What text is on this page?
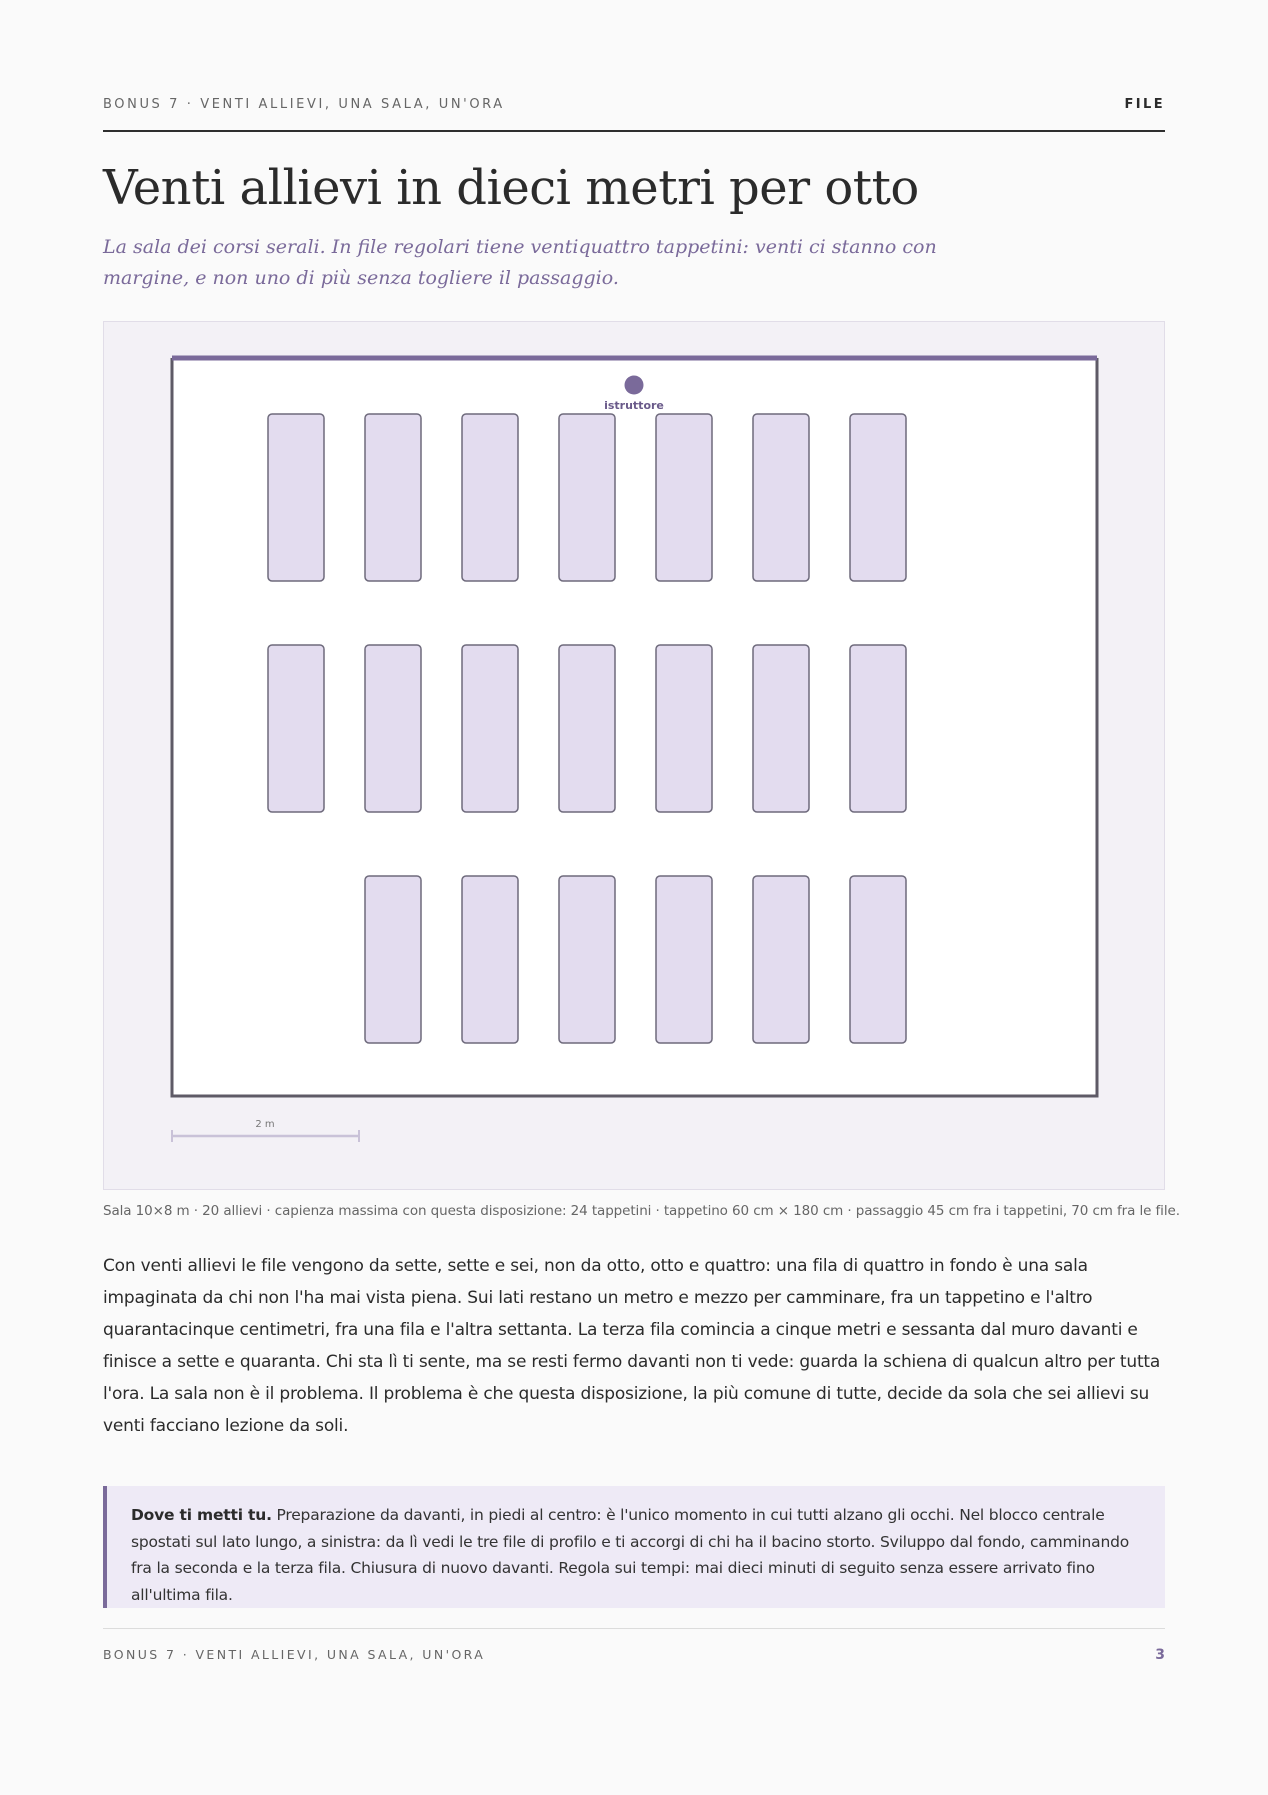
BONUS 7 · VENTI ALLIEVI, UNA SALA, UN'ORA	FILE
Venti allievi in dieci metri per otto

La sala dei corsi serali. In file regolari tiene ventiquattro tappetini: venti ci stanno con margine, e non uno di più senza togliere il passaggio.

istruttore
2 m

Sala 10×8 m · 20 allievi · capienza massima con questa disposizione: 24 tappetini · tappetino 60 cm × 180 cm · passaggio 45 cm fra i tappetini, 70 cm fra le file.

Con venti allievi le file vengono da sette, sette e sei, non da otto, otto e quattro: una fila di quattro in fondo è una sala impaginata da chi non l'ha mai vista piena. Sui lati restano un metro e mezzo per camminare, fra un tappetino e l'altro quarantacinque centimetri, fra una fila e l'altra settanta. La terza fila comincia a cinque metri e sessanta dal muro davanti e finisce a sette e quaranta. Chi sta lì ti sente, ma se resti fermo davanti non ti vede: guarda la schiena di qualcun altro per tutta l'ora. La sala non è il problema. Il problema è che questa disposizione, la più comune di tutte, decide da sola che sei allievi su venti facciano lezione da soli.

Dove ti metti tu. Preparazione da davanti, in piedi al centro: è l'unico momento in cui tutti alzano gli occhi. Nel blocco centrale spostati sul lato lungo, a sinistra: da lì vedi le tre file di profilo e ti accorgi di chi ha il bacino storto. Sviluppo dal fondo, camminando fra la seconda e la terza fila. Chiusura di nuovo davanti. Regola sui tempi: mai dieci minuti di seguito senza essere arrivato fino all'ultima fila.

BONUS 7 · VENTI ALLIEVI, UNA SALA, UN'ORA	3
